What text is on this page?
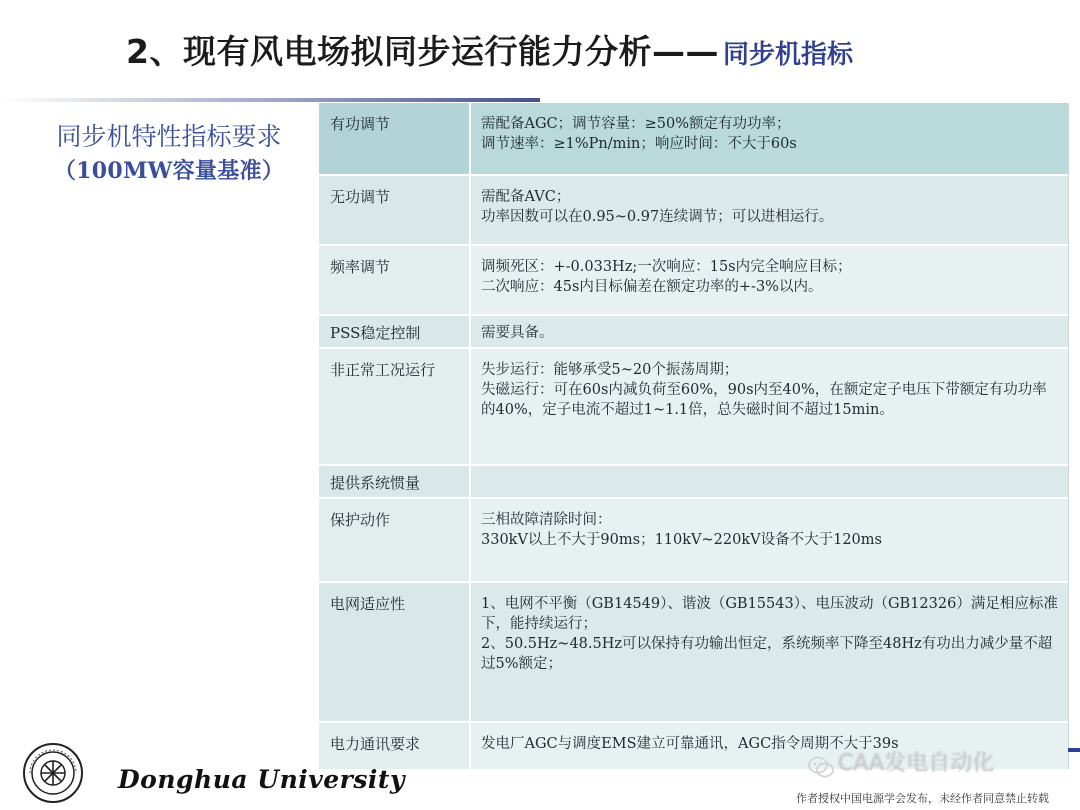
2、现有风电场拟同步运行能力分析—— 同步机指标
同步机特性指标要求
（100MW容量基准）
有功调节	需配备AGC；调节容量：≥50%额定有功功率；
调节速率：≥1%Pn/min；响应时间：不大于60s
无功调节	需配备AVC；
功率因数可以在0.95~0.97连续调节；可以进相运行。
频率调节	调频死区：+-0.033Hz;一次响应：15s内完全响应目标；
二次响应：45s内目标偏差在额定功率的+-3%以内。
PSS稳定控制	需要具备。
非正常工况运行	失步运行：能够承受5~20个振荡周期；
失磁运行：可在60s内减负荷至60%，90s内至40%，在额定定子电压下带额定有功功率的40%，定子电流不超过1~1.1倍，总失磁时间不超过15min。
提供系统惯量	
保护动作	三相故障清除时间：
330kV以上不大于90ms；110kV~220kV设备不大于120ms
电网适应性	1、电网不平衡（GB14549）、谐波（GB15543）、电压波动（GB12326）满足相应标准下，能持续运行；
2、50.5Hz~48.5Hz可以保持有功输出恒定，系统频率下降至48Hz有功出力减少量不超过5%额定；
电力通讯要求	发电厂AGC与调度EMS建立可靠通讯，AGC指令周期不大于39s
Donghua University
CAA发电自动化
作者授权中国电源学会发布，未经作者同意禁止转载
